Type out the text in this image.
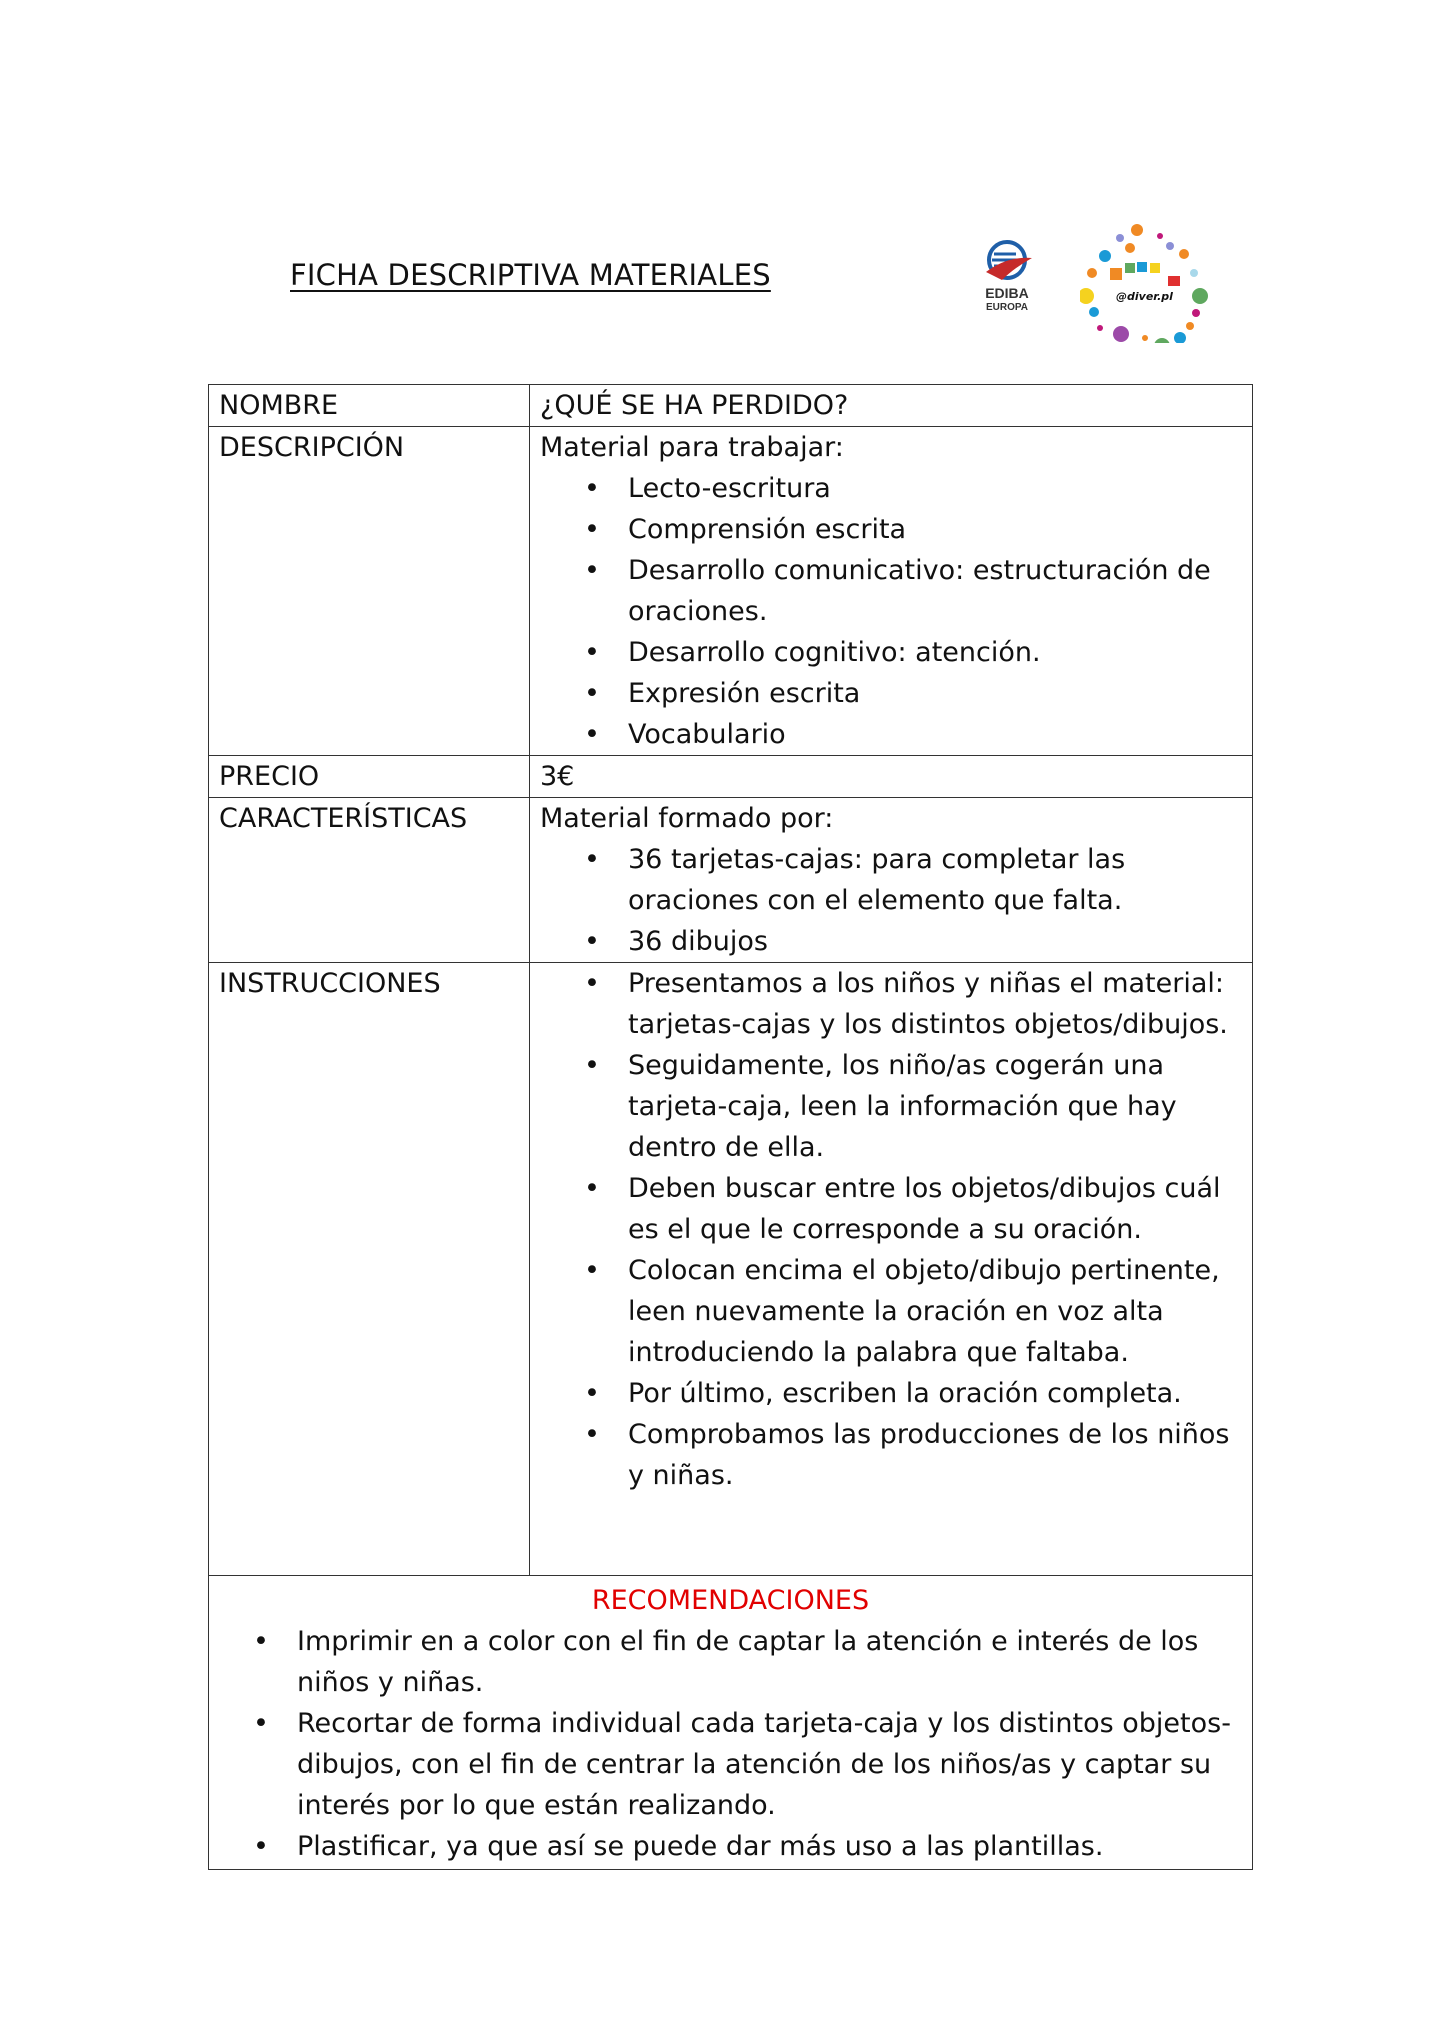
FICHA DESCRIPTIVA MATERIALES
EDIBA
EUROPA
@diver.pl
NOMBRE	¿QUÉ SE HA PERDIDO?
DESCRIPCIÓN	Material para trabajar:
• Lecto-escritura
• Comprensión escrita
• Desarrollo comunicativo: estructuración de oraciones.
• Desarrollo cognitivo: atención.
• Expresión escrita
• Vocabulario

PRECIO	3€
CARACTERÍSTICAS	Material formado por:
• 36 tarjetas-cajas: para completar las oraciones con el elemento que falta.
• 36 dibujos

INSTRUCCIONES	
•Presentamos a los niños y niñas el material: tarjetas-cajas y los distintos objetos/dibujos.
• Seguidamente, los niño/as cogerán una tarjeta-caja, leen la información que hay dentro de ella.
• Deben buscar entre los objetos/dibujos cuál es el que le corresponde a su oración.
• Colocan encima el objeto/dibujo pertinente, leen nuevamente la oración en voz alta introduciendo la palabra que faltaba.
• Por último, escriben la oración completa.
• Comprobamos las producciones de los niños y niñas.

RECOMENDACIONES
• Imprimir en a color con el fin de captar la atención e interés de los niños y niñas.
• Recortar de forma individual cada tarjeta-caja y los distintos objetos-dibujos, con el fin de centrar la atención de los niños/as y captar su interés por lo que están realizando.
• Plastificar, ya que así se puede dar más uso a las plantillas.
